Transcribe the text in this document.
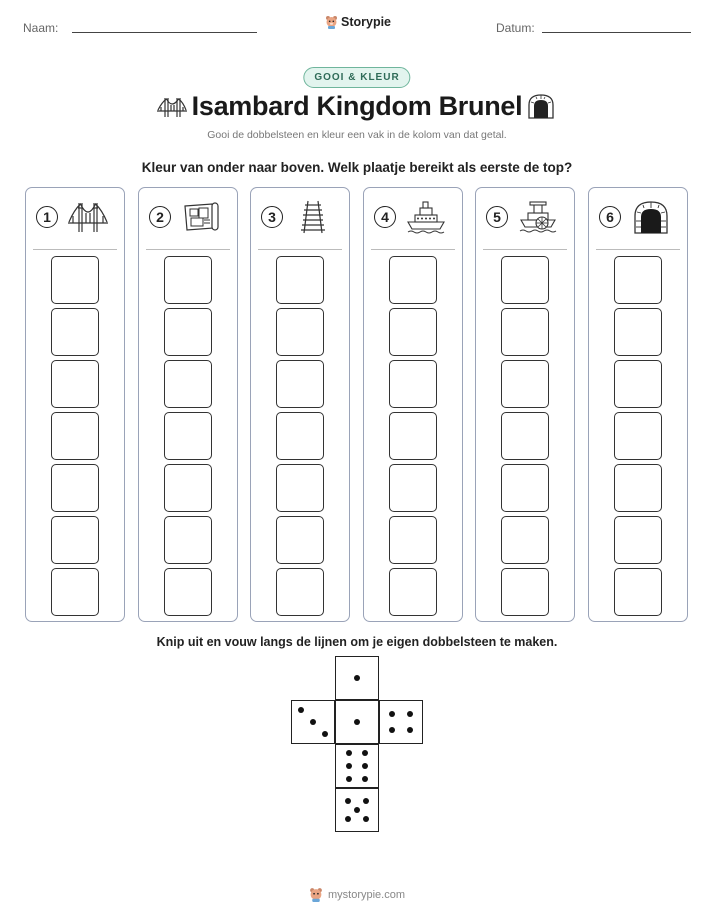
Naam:	Storypie	Datum:
GOOI & KLEUR
Isambard Kingdom Brunel
Gooi de dobbelsteen en kleur een vak in de kolom van dat getal.
Kleur van onder naar boven. Welk plaatje bereikt als eerste de top?
1	2	3	4	5	6
Knip uit en vouw langs de lijnen om je eigen dobbelsteen te maken.
mystorypie.com
